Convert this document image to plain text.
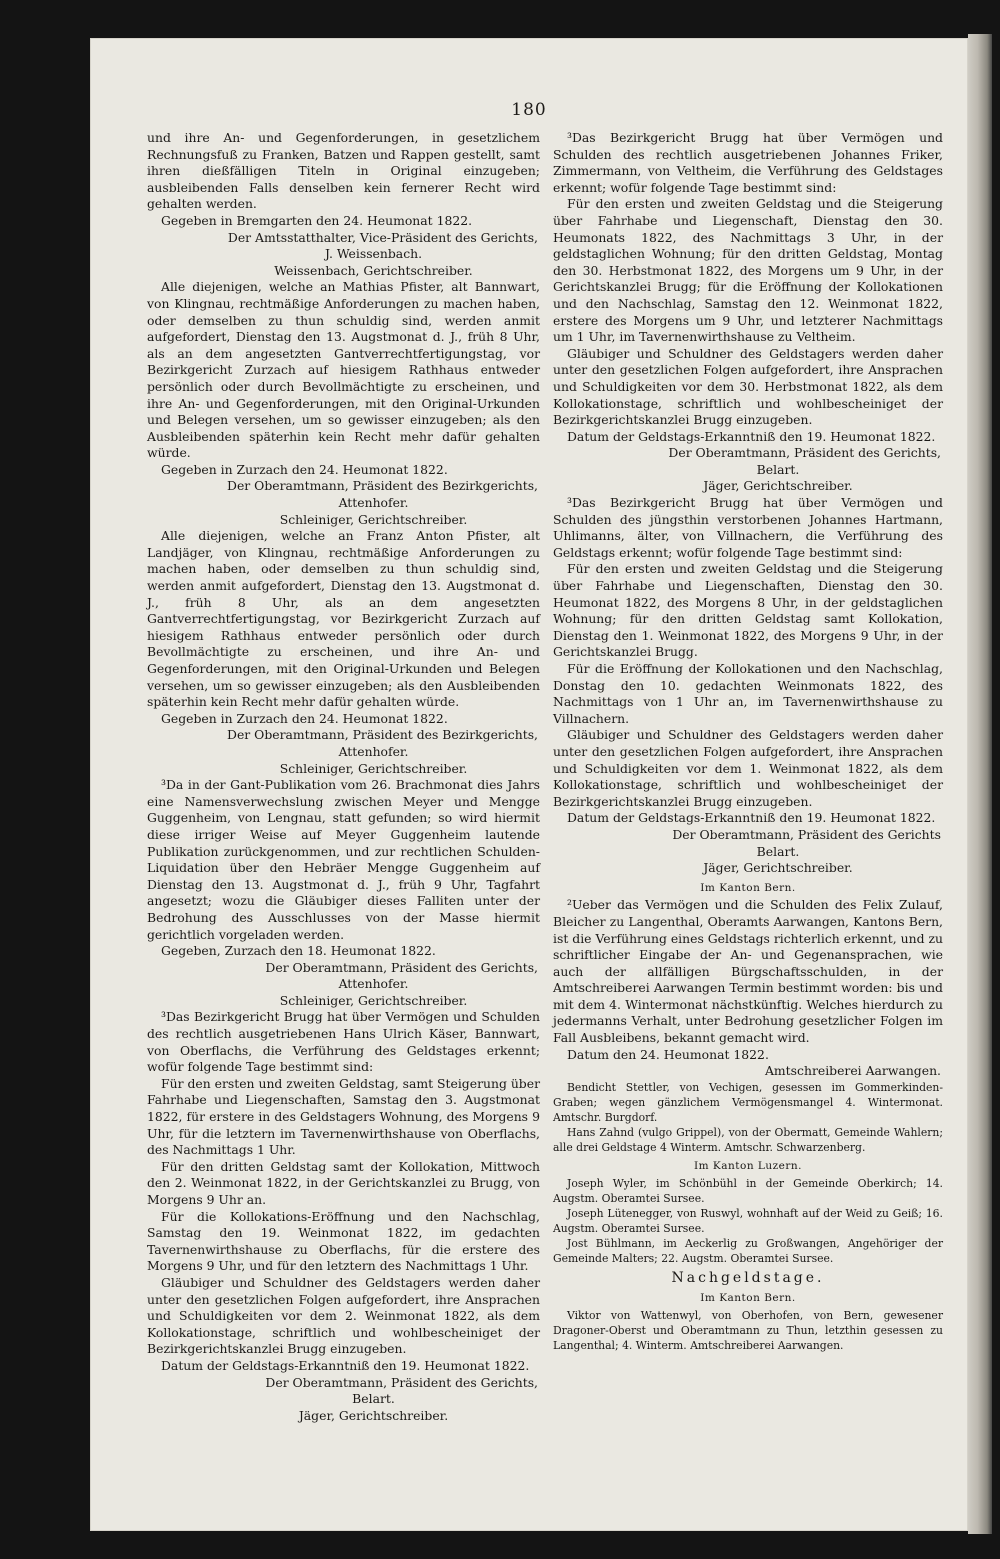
180

und ihre An- und Gegenforderungen, in gesetzlichem Rechnungsfuß zu Franken, Batzen und Rappen gestellt, samt ihren dießfälligen Titeln in Original einzugeben; ausbleibenden Falls denselben kein fernerer Recht wird gehalten werden.

Gegeben in Bremgarten den 24. Heumonat 1822.

Der Amtsstatthalter, Vice-Präsident des Gerichts,

J. Weissenbach.

Weissenbach, Gerichtschreiber.

Alle diejenigen, welche an Mathias Pfister, alt Bannwart, von Klingnau, rechtmäßige Anforderungen zu machen haben, oder demselben zu thun schuldig sind, werden anmit aufgefordert, Dienstag den 13. Augstmonat d. J., früh 8 Uhr, als an dem angesetzten Gantverrechtfertigungstag, vor Bezirkgericht Zurzach auf hiesigem Rathhaus entweder persönlich oder durch Bevollmächtigte zu erscheinen, und ihre An- und Gegenforderungen, mit den Original-Urkunden und Belegen versehen, um so gewisser einzugeben; als den Ausbleibenden späterhin kein Recht mehr dafür gehalten würde.

Gegeben in Zurzach den 24. Heumonat 1822.

Der Oberamtmann, Präsident des Bezirkgerichts,

Attenhofer.

Schleiniger, Gerichtschreiber.

Alle diejenigen, welche an Franz Anton Pfister, alt Landjäger, von Klingnau, rechtmäßige Anforderungen zu machen haben, oder demselben zu thun schuldig sind, werden anmit aufgefordert, Dienstag den 13. Augstmonat d. J., früh 8 Uhr, als an dem angesetzten Gantverrechtfertigungstag, vor Bezirkgericht Zurzach auf hiesigem Rathhaus entweder persönlich oder durch Bevollmächtigte zu erscheinen, und ihre An- und Gegenforderungen, mit den Original-Urkunden und Belegen versehen, um so gewisser einzugeben; als den Ausbleibenden späterhin kein Recht mehr dafür gehalten würde.

Gegeben in Zurzach den 24. Heumonat 1822.

Der Oberamtmann, Präsident des Bezirkgerichts,

Attenhofer.

Schleiniger, Gerichtschreiber.

³Da in der Gant-Publikation vom 26. Brachmonat dies Jahrs eine Namensverwechslung zwischen Meyer und Mengge Guggenheim, von Lengnau, statt gefunden; so wird hiermit diese irriger Weise auf Meyer Guggenheim lautende Publikation zurückgenommen, und zur rechtlichen Schulden-Liquidation über den Hebräer Mengge Guggenheim auf Dienstag den 13. Augstmonat d. J., früh 9 Uhr, Tagfahrt angesetzt; wozu die Gläubiger dieses Falliten unter der Bedrohung des Ausschlusses von der Masse hiermit gerichtlich vorgeladen werden.

Gegeben, Zurzach den 18. Heumonat 1822.

Der Oberamtmann, Präsident des Gerichts,

Attenhofer.

Schleiniger, Gerichtschreiber.

³Das Bezirkgericht Brugg hat über Vermögen und Schulden des rechtlich ausgetriebenen Hans Ulrich Käser, Bannwart, von Oberflachs, die Verführung des Geldstages erkennt; wofür folgende Tage bestimmt sind:

Für den ersten und zweiten Geldstag, samt Steigerung über Fahrhabe und Liegenschaften, Samstag den 3. Augstmonat 1822, für erstere in des Geldstagers Wohnung, des Morgens 9 Uhr, für die letztern im Tavernenwirthshause von Oberflachs, des Nachmittags 1 Uhr.

Für den dritten Geldstag samt der Kollokation, Mittwoch den 2. Weinmonat 1822, in der Gerichtskanzlei zu Brugg, von Morgens 9 Uhr an.

Für die Kollokations-Eröffnung und den Nachschlag, Samstag den 19. Weinmonat 1822, im gedachten Tavernenwirthshause zu Oberflachs, für die erstere des Morgens 9 Uhr, und für den letztern des Nachmittags 1 Uhr.

Gläubiger und Schuldner des Geldstagers werden daher unter den gesetzlichen Folgen aufgefordert, ihre Ansprachen und Schuldigkeiten vor dem 2. Weinmonat 1822, als dem Kollokationstage, schriftlich und wohlbescheiniget der Bezirkgerichtskanzlei Brugg einzugeben.

Datum der Geldstags-Erkanntniß den 19. Heumonat 1822.

Der Oberamtmann, Präsident des Gerichts,

Belart.

Jäger, Gerichtschreiber.

³Das Bezirkgericht Brugg hat über Vermögen und Schulden des rechtlich ausgetriebenen Johannes Friker, Zimmermann, von Veltheim, die Verführung des Geldstages erkennt; wofür folgende Tage bestimmt sind:

Für den ersten und zweiten Geldstag und die Steigerung über Fahrhabe und Liegenschaft, Dienstag den 30. Heumonats 1822, des Nachmittags 3 Uhr, in der geldstaglichen Wohnung; für den dritten Geldstag, Montag den 30. Herbstmonat 1822, des Morgens um 9 Uhr, in der Gerichtskanzlei Brugg; für die Eröffnung der Kollokationen und den Nachschlag, Samstag den 12. Weinmonat 1822, erstere des Morgens um 9 Uhr, und letzterer Nachmittags um 1 Uhr, im Tavernenwirthshause zu Veltheim.

Gläubiger und Schuldner des Geldstagers werden daher unter den gesetzlichen Folgen aufgefordert, ihre Ansprachen und Schuldigkeiten vor dem 30. Herbstmonat 1822, als dem Kollokationstage, schriftlich und wohlbescheiniget der Bezirkgerichtskanzlei Brugg einzugeben.

Datum der Geldstags-Erkanntniß den 19. Heumonat 1822.

Der Oberamtmann, Präsident des Gerichts,

Belart.

Jäger, Gerichtschreiber.

³Das Bezirkgericht Brugg hat über Vermögen und Schulden des jüngsthin verstorbenen Johannes Hartmann, Uhlimanns, älter, von Villnachern, die Verführung des Geldstags erkennt; wofür folgende Tage bestimmt sind:

Für den ersten und zweiten Geldstag und die Steigerung über Fahrhabe und Liegenschaften, Dienstag den 30. Heumonat 1822, des Morgens 8 Uhr, in der geldstaglichen Wohnung; für den dritten Geldstag samt Kollokation, Dienstag den 1. Weinmonat 1822, des Morgens 9 Uhr, in der Gerichtskanzlei Brugg.

Für die Eröffnung der Kollokationen und den Nachschlag, Donstag den 10. gedachten Weinmonats 1822, des Nachmittags von 1 Uhr an, im Tavernenwirthshause zu Villnachern.

Gläubiger und Schuldner des Geldstagers werden daher unter den gesetzlichen Folgen aufgefordert, ihre Ansprachen und Schuldigkeiten vor dem 1. Weinmonat 1822, als dem Kollokationstage, schriftlich und wohlbescheiniget der Bezirkgerichtskanzlei Brugg einzugeben.

Datum der Geldstags-Erkanntniß den 19. Heumonat 1822.

Der Oberamtmann, Präsident des Gerichts

Belart.

Jäger, Gerichtschreiber.

Im Kanton Bern.

²Ueber das Vermögen und die Schulden des Felix Zulauf, Bleicher zu Langenthal, Oberamts Aarwangen, Kantons Bern, ist die Verführung eines Geldstags richterlich erkennt, und zu schriftlicher Eingabe der An- und Gegenansprachen, wie auch der allfälligen Bürgschaftsschulden, in der Amtschreiberei Aarwangen Termin bestimmt worden: bis und mit dem 4. Wintermonat nächstkünftig. Welches hierdurch zu jedermanns Verhalt, unter Bedrohung gesetzlicher Folgen im Fall Ausbleibens, bekannt gemacht wird.

Datum den 24. Heumonat 1822.

Amtschreiberei Aarwangen.

Bendicht Stettler, von Vechigen, gesessen im Gommerkinden-Graben; wegen gänzlichem Vermögensmangel 4. Wintermonat. Amtschr. Burgdorf.

Hans Zahnd (vulgo Grippel), von der Obermatt, Gemeinde Wahlern; alle drei Geldstage 4 Winterm. Amtschr. Schwarzenberg.

Im Kanton Luzern.

Joseph Wyler, im Schönbühl in der Gemeinde Oberkirch; 14. Augstm. Oberamtei Sursee.

Joseph Lütenegger, von Ruswyl, wohnhaft auf der Weid zu Geiß; 16. Augstm. Oberamtei Sursee.

Jost Bühlmann, im Aeckerlig zu Großwangen, Angehöriger der Gemeinde Malters; 22. Augstm. Oberamtei Sursee.

Nachgeldstage.

Im Kanton Bern.

Viktor von Wattenwyl, von Oberhofen, von Bern, gewesener Dragoner-Oberst und Oberamtmann zu Thun, letzthin gesessen zu Langenthal; 4. Winterm. Amtschreiberei Aarwangen.
